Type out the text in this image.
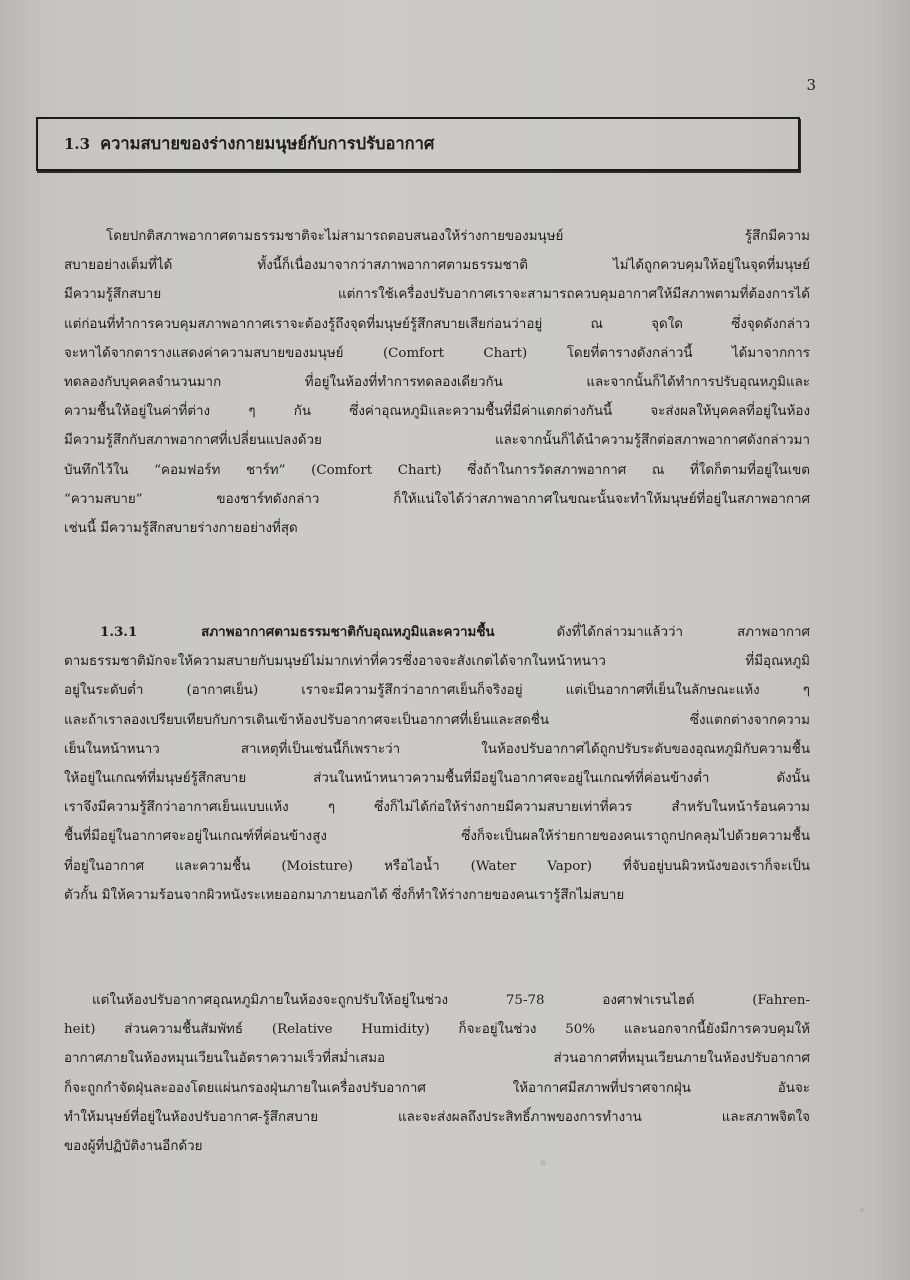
3
1.3 ความสบายของร่างกายมนุษย์กับการปรับอากาศ
โดยปกติสภาพอากาศตามธรรมชาติจะไม่สามารถตอบสนองให้ร่างกายของมนุษย์ รู้สึกมีความ
สบายอย่างเต็มที่ได้ ทั้งนี้ก็เนื่องมาจากว่าสภาพอากาศตามธรรมชาติ ไม่ได้ถูกควบคุมให้อยู่ในจุดที่มนุษย์
มีความรู้สึกสบาย แต่การใช้เครื่องปรับอากาศเราจะสามารถควบคุมอากาศให้มีสภาพตามที่ต้องการได้
แต่ก่อนที่ทำการควบคุมสภาพอากาศเราจะต้องรู้ถึงจุดที่มนุษย์รู้สึกสบายเสียก่อนว่าอยู่ ณ จุดใด ซึ่งจุดดังกล่าว
จะหาได้จากตารางแสดงค่าความสบายของมนุษย์ (Comfort Chart) โดยที่ตารางดังกล่าวนี้ ได้มาจากการ
ทดลองกับบุคคลจำนวนมาก ที่อยู่ในห้องที่ทำการทดลองเดียวกัน และจากนั้นก็ได้ทำการปรับอุณหภูมิและ
ความชื้นให้อยู่ในค่าที่ต่าง ๆ กัน ซึ่งค่าอุณหภูมิและความชื้นที่มีค่าแตกต่างกันนี้ จะส่งผลให้บุคคลที่อยู่ในห้อง
มีความรู้สึกกับสภาพอากาศที่เปลี่ยนแปลงด้วย และจากนั้นก็ได้นำความรู้สึกต่อสภาพอากาศดังกล่าวมา
บันทึกไว้ใน “คอมฟอร์ท ชาร์ท” (Comfort Chart) ซึ่งถ้าในการวัดสภาพอากาศ ณ ที่ใดก็ตามที่อยู่ในเขต
“ความสบาย” ของชาร์ทดังกล่าว ก็ให้แน่ใจได้ว่าสภาพอากาศในขณะนั้นจะทำให้มนุษย์ที่อยู่ในสภาพอากาศ
เช่นนี้ มีความรู้สึกสบายร่างกายอย่างที่สุด
1.3.1	สภาพอากาศตามธรรมชาติกับอุณหภูมิและความชื้น	ดังที่ได้กล่าวมาแล้วว่า สภาพอากาศ
ตามธรรมชาติมักจะให้ความสบายกับมนุษย์ไม่มากเท่าที่ควรซึ่งอาจจะสังเกตได้จากในหน้าหนาว ที่มีอุณหภูมิ
อยู่ในระดับต่ำ (อากาศเย็น) เราจะมีความรู้สึกว่าอากาศเย็นก็จริงอยู่ แต่เป็นอากาศที่เย็นในลักษณะแห้ง ๆ
และถ้าเราลองเปรียบเทียบกับการเดินเข้าห้องปรับอากาศจะเป็นอากาศที่เย็นและสดชื่น ซึ่งแตกต่างจากความ
เย็นในหน้าหนาว สาเหตุที่เป็นเช่นนี้ก็เพราะว่า ในห้องปรับอากาศได้ถูกปรับระดับของอุณหภูมิกับความชื้น
ให้อยู่ในเกณฑ์ที่มนุษย์รู้สึกสบาย ส่วนในหน้าหนาวความชื้นที่มีอยู่ในอากาศจะอยู่ในเกณฑ์ที่ค่อนข้างต่ำ ดังนั้น
เราจึงมีความรู้สึกว่าอากาศเย็นแบบแห้ง ๆ ซึ่งก็ไม่ได้ก่อให้ร่างกายมีความสบายเท่าที่ควร สำหรับในหน้าร้อนความ
ชื้นที่มีอยู่ในอากาศจะอยู่ในเกณฑ์ที่ค่อนข้างสูง ซึ่งก็จะเป็นผลให้ร่ายกายของคนเราถูกปกคลุมไปด้วยความชื้น
ที่อยู่ในอากาศ และความชื้น (Moisture) หรือไอน้ำ (Water Vapor) ที่จับอยู่บนผิวหนังของเราก็จะเป็น
ตัวกั้น มิให้ความร้อนจากผิวหนังระเหยออกมาภายนอกได้ ซึ่งก็ทำให้ร่างกายของคนเรารู้สึกไม่สบาย
แต่ในห้องปรับอากาศอุณหภูมิภายในห้องจะถูกปรับให้อยู่ในช่วง 75-78 องศาฟาเรนไฮต์ (Fahren-
heit) ส่วนความชื้นสัมพัทธ์ (Relative Humidity) ก็จะอยู่ในช่วง 50% และนอกจากนี้ยังมีการควบคุมให้
อากาศภายในห้องหมุนเวียนในอัตราความเร็วที่สม่ำเสมอ ส่วนอากาศที่หมุนเวียนภายในห้องปรับอากาศ
ก็จะถูกกำจัดฝุ่นละอองโดยแผ่นกรองฝุ่นภายในเครื่องปรับอากาศ ให้อากาศมีสภาพที่ปราศจากฝุ่น อันจะ
ทำให้มนุษย์ที่อยู่ในห้องปรับอากาศ-รู้สึกสบาย และจะส่งผลถึงประสิทธิ์ภาพของการทำงาน และสภาพจิตใจ
ของผู้ที่ปฏิบัติงานอีกด้วย
